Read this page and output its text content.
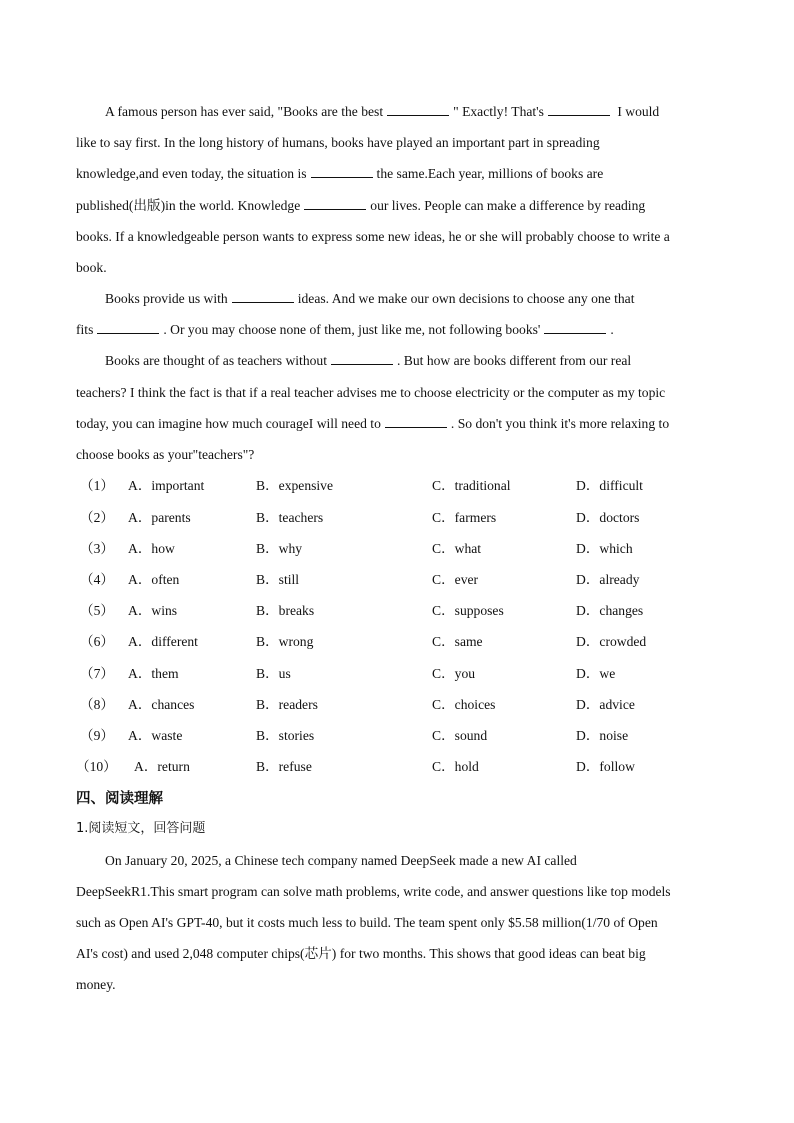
A famous person has ever said, "Books are the best	" Exactly! That's	I would
like to say first. In the long history of humans, books have played an important part in spreading
knowledge,and even today, the situation is	the same.Each year, millions of books are
published(出版)in the world. Knowledge	our lives. People can make a difference by reading
books. If a knowledgeable person wants to express some new ideas, he or she will probably choose to write a
book.
Books provide us with	ideas. And we make our own decisions to choose any one that
fits	. Or you may choose none of them, just like me, not following books'	.
Books are thought of as teachers without	. But how are books different from our real
teachers? I think the fact is that if a real teacher advises me to choose electricity or the computer as my topic
today, you can imagine how much courageI will need to	. So don't you think it's more relaxing to
choose books as your"teachers"?
（1） A．important	B．expensive	C．traditional	D．difficult
（2） A．parents	B．teachers	C．farmers	D．doctors
（3） A．how	B．why	C．what	D．which
（4） A．often	B．still	C．ever	D．already
（5） A．wins	B．breaks	C．supposes	D．changes
（6） A．different	B．wrong	C．same	D．crowded
（7） A．them	B．us	C．you	D．we
（8） A．chances	B．readers	C．choices	D．advice
（9） A．waste	B．stories	C．sound	D．noise
（10） A．return	B．refuse	C．hold	D．follow
四、阅读理解
1.阅读短文，回答问题
On January 20, 2025, a Chinese tech company named DeepSeek made a new AI called
DeepSeekR1.This smart program can solve math problems, write code, and answer questions like top models
such as Open AI's GPT-40, but it costs much less to build. The team spent only $5.58 million(1/70 of Open
AI's cost) and used 2,048 computer chips(芯片) for two months. This shows that good ideas can beat big
money.
